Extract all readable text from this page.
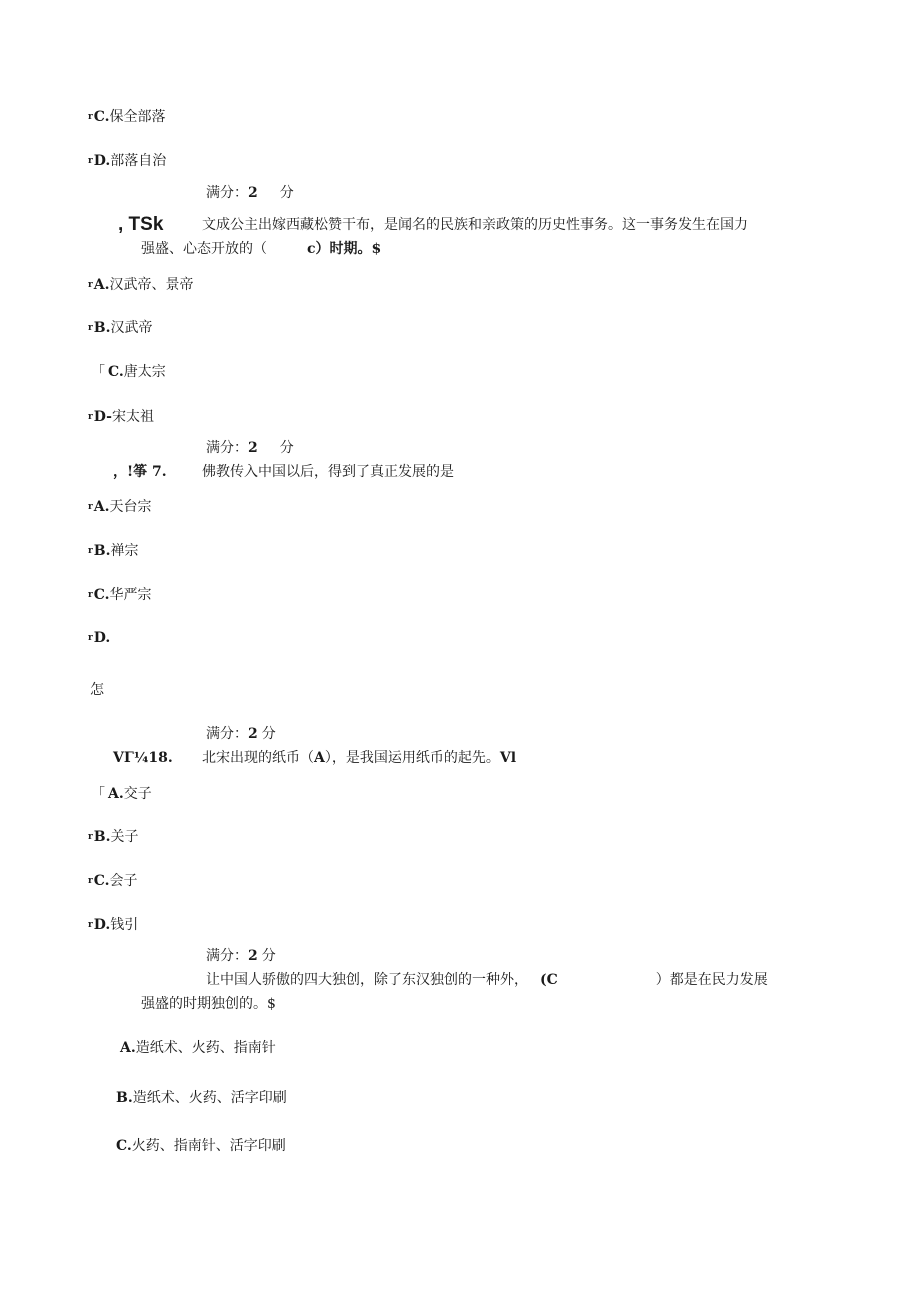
$^r$C.保全部落
$^r$D.部落自治
满分：2 分
, TSk	文成公主出嫁西藏松赞干布，是闻名的民族和亲政策的历史性事务。这一事务发生在国力
强盛、心态开放的（	c）时期。$
$^r$A.汉武帝、景帝
$^r$B.汉武帝
「 C.唐太宗
$^r$D-宋太祖
满分：2 分
，!筝 7.	佛教传入中国以后，得到了真正发展的是
$^r$A.天台宗
$^r$B.禅宗
$^r$C.华严宗
$^r$D.
怎
满分：2 分
VΓ¼18. 北宋出现的纸币（A），是我国运用纸币的起先。Vl
「 A.交子
$^r$B.关子
$^r$C.会子
$^r$D.钱引
满分：2 分
让中国人骄傲的四大独创，除了东汉独创的一种外， (C	）都是在民力发展
强盛的时期独创的。$
A.造纸术、火药、指南针
B.造纸术、火药、活字印刷
C.火药、指南针、活字印刷
